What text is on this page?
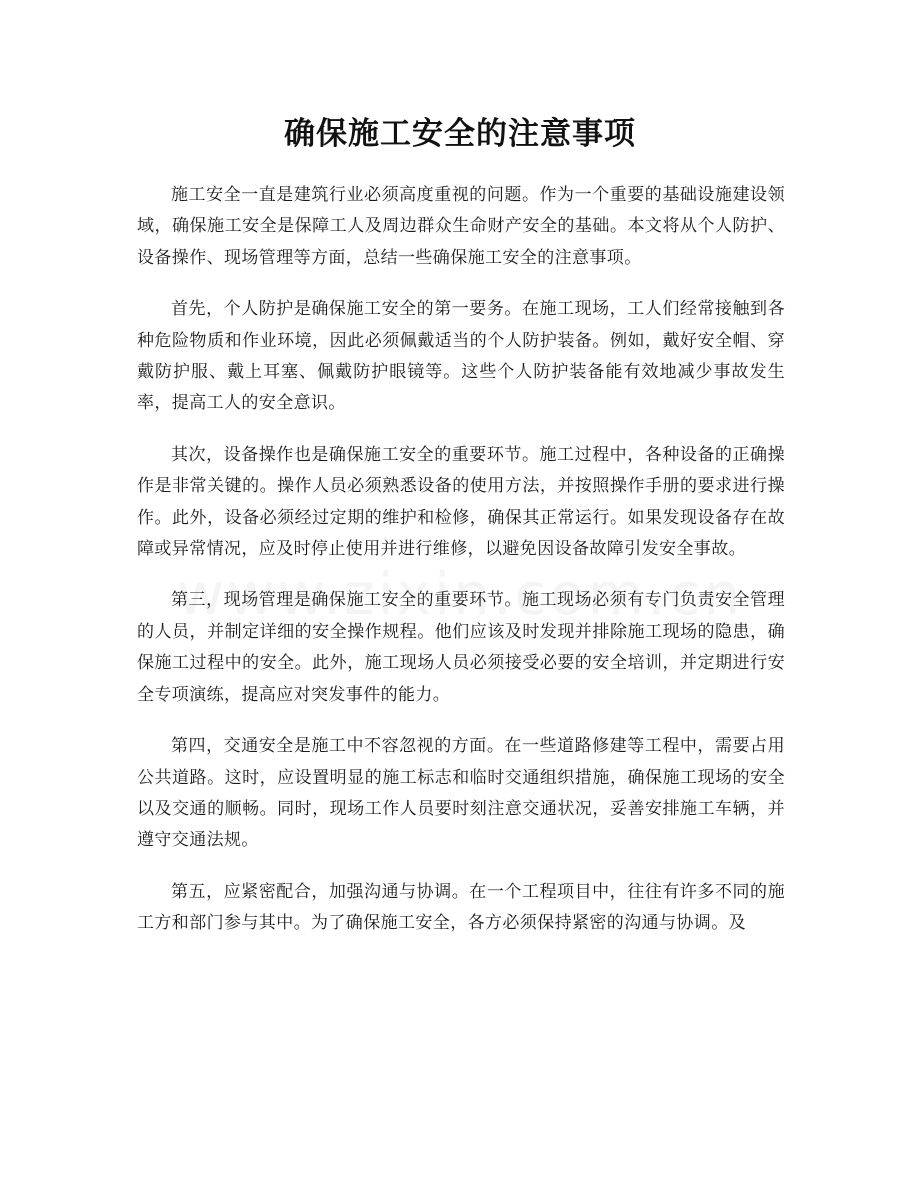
确保施工安全的注意事项

施工安全一直是建筑行业必须高度重视的问题。作为一个重要的基础设施建设领域，确保施工安全是保障工人及周边群众生命财产安全的基础。本文将从个人防护、设备操作、现场管理等方面，总结一些确保施工安全的注意事项。

首先，个人防护是确保施工安全的第一要务。在施工现场，工人们经常接触到各种危险物质和作业环境，因此必须佩戴适当的个人防护装备。例如，戴好安全帽、穿戴防护服、戴上耳塞、佩戴防护眼镜等。这些个人防护装备能有效地减少事故发生率，提高工人的安全意识。

其次，设备操作也是确保施工安全的重要环节。施工过程中，各种设备的正确操作是非常关键的。操作人员必须熟悉设备的使用方法，并按照操作手册的要求进行操作。此外，设备必须经过定期的维护和检修，确保其正常运行。如果发现设备存在故障或异常情况，应及时停止使用并进行维修，以避免因设备故障引发安全事故。

第三，现场管理是确保施工安全的重要环节。施工现场必须有专门负责安全管理的人员，并制定详细的安全操作规程。他们应该及时发现并排除施工现场的隐患，确保施工过程中的安全。此外，施工现场人员必须接受必要的安全培训，并定期进行安全专项演练，提高应对突发事件的能力。

第四，交通安全是施工中不容忽视的方面。在一些道路修建等工程中，需要占用公共道路。这时，应设置明显的施工标志和临时交通组织措施，确保施工现场的安全以及交通的顺畅。同时，现场工作人员要时刻注意交通状况，妥善安排施工车辆，并遵守交通法规。

第五，应紧密配合，加强沟通与协调。在一个工程项目中，往往有许多不同的施工方和部门参与其中。为了确保施工安全，各方必须保持紧密的沟通与协调。及
